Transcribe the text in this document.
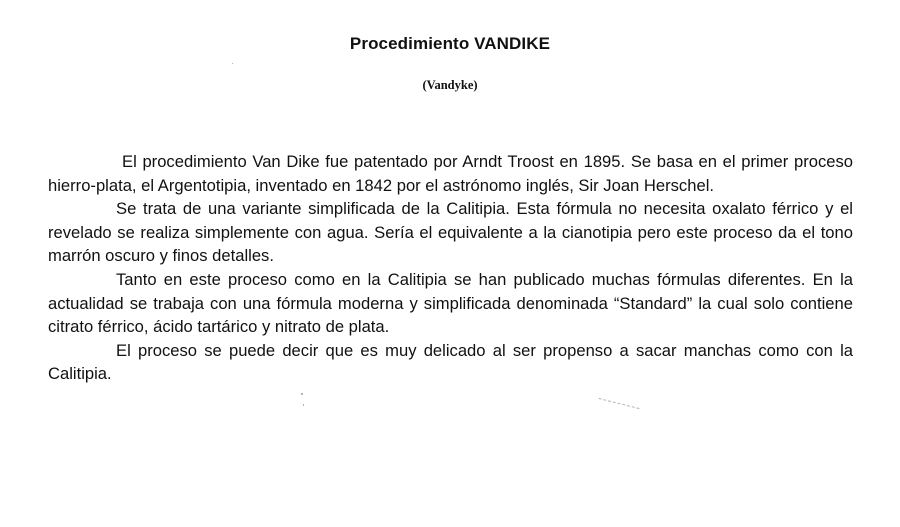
Procedimiento VANDIKE
(Vandyke)

El procedimiento Van Dike fue patentado por Arndt Troost en 1895. Se basa en el primer proceso hierro-plata, el Argentotipia, inventado en 1842 por el astrónomo inglés, Sir Joan Herschel.

Se trata de una variante simplificada de la Calitipia. Esta fórmula no necesita oxalato férrico y el revelado se realiza simplemente con agua. Sería el equivalente a la cianotipia pero este proceso da el tono marrón oscuro y finos detalles.

Tanto en este proceso como en la Calitipia se han publicado muchas fórmulas diferentes. En la actualidad se trabaja con una fórmula moderna y simplificada denominada “Standard” la cual solo contiene citrato férrico, ácido tartárico y nitrato de plata.

El proceso se puede decir que es muy delicado al ser propenso a sacar manchas como con la Calitipia.
